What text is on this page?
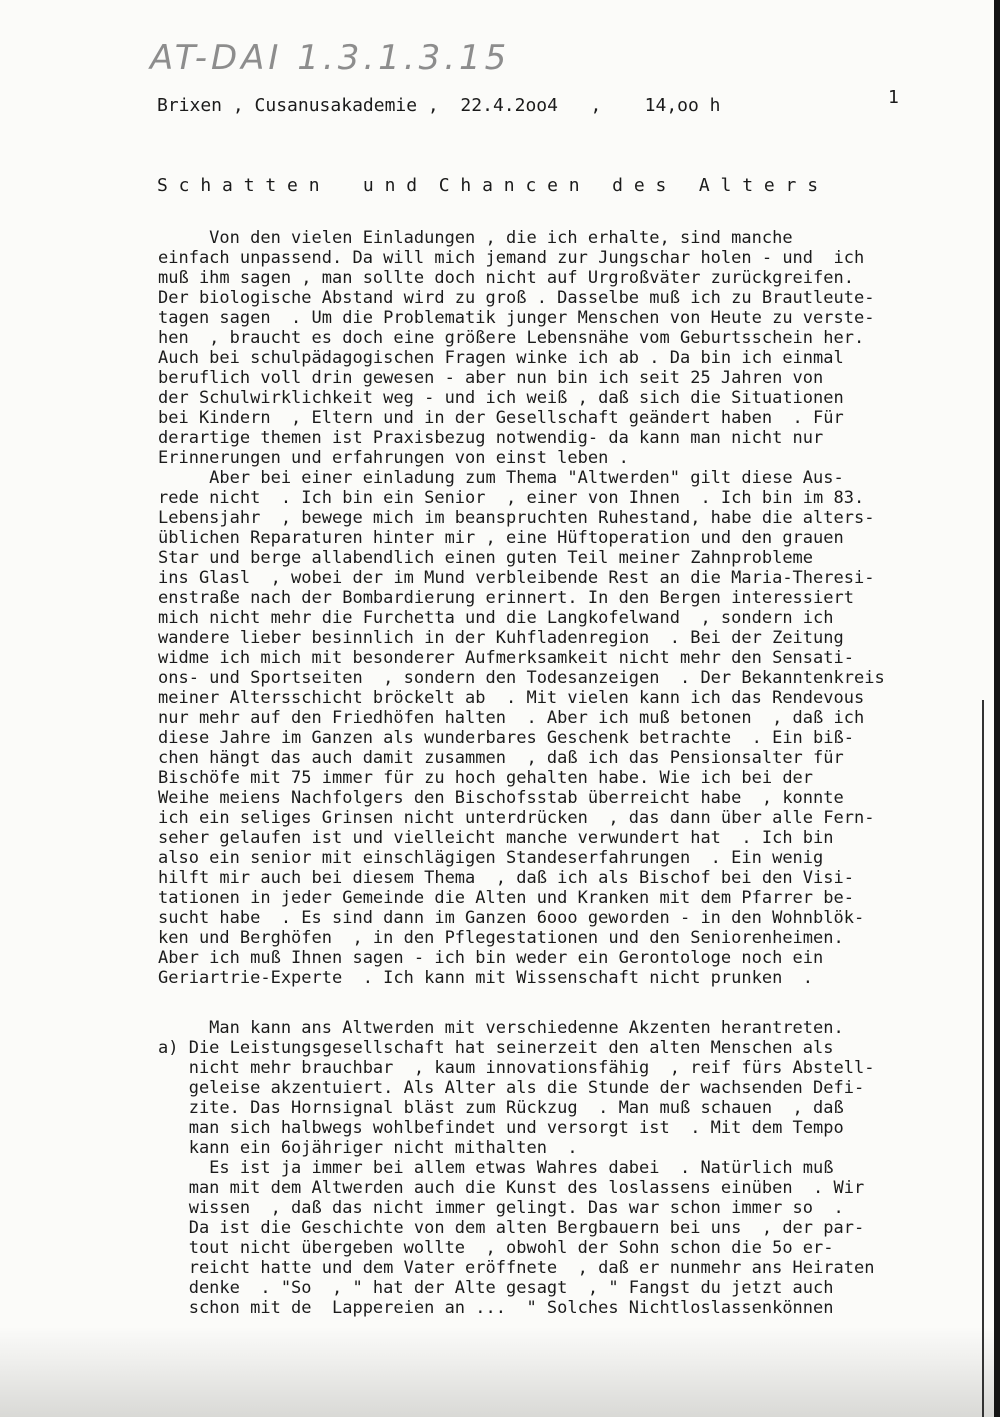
AT-DAI 1.3.1.3.15
Brixen , Cusanusakademie ,  22.4.2oo4   ,    14,oo h	1
S c h a t t e n    u n d  C h a n c e n   d e s   A l t e r s
Von den vielen Einladungen , die ich erhalte, sind manche
einfach unpassend. Da will mich jemand zur Jungschar holen - und  ich
muß ihm sagen , man sollte doch nicht auf Urgroßväter zurückgreifen.
Der biologische Abstand wird zu groß . Dasselbe muß ich zu Brautleute-
tagen sagen  . Um die Problematik junger Menschen von Heute zu verste-
hen  , braucht es doch eine größere Lebensnähe vom Geburtsschein her.
Auch bei schulpädagogischen Fragen winke ich ab . Da bin ich einmal
beruflich voll drin gewesen - aber nun bin ich seit 25 Jahren von
der Schulwirklichkeit weg - und ich weiß , daß sich die Situationen
bei Kindern  , Eltern und in der Gesellschaft geändert haben  . Für
derartige themen ist Praxisbezug notwendig- da kann man nicht nur
Erinnerungen und erfahrungen von einst leben .
Aber bei einer einladung zum Thema "Altwerden" gilt diese Aus-
rede nicht  . Ich bin ein Senior  , einer von Ihnen  . Ich bin im 83.
Lebensjahr  , bewege mich im beanspruchten Ruhestand, habe die alters-
üblichen Reparaturen hinter mir , eine Hüftoperation und den grauen
Star und berge allabendlich einen guten Teil meiner Zahnprobleme
ins Glasl  , wobei der im Mund verbleibende Rest an die Maria-Theresi-
enstraße nach der Bombardierung erinnert. In den Bergen interessiert
mich nicht mehr die Furchetta und die Langkofelwand  , sondern ich
wandere lieber besinnlich in der Kuhfladenregion  . Bei der Zeitung
widme ich mich mit besonderer Aufmerksamkeit nicht mehr den Sensati-
ons- und Sportseiten  , sondern den Todesanzeigen  . Der Bekanntenkreis
meiner Altersschicht bröckelt ab  . Mit vielen kann ich das Rendevous
nur mehr auf den Friedhöfen halten  . Aber ich muß betonen  , daß ich
diese Jahre im Ganzen als wunderbares Geschenk betrachte  . Ein biß-
chen hängt das auch damit zusammen  , daß ich das Pensionsalter für
Bischöfe mit 75 immer für zu hoch gehalten habe. Wie ich bei der
Weihe meiens Nachfolgers den Bischofsstab überreicht habe  , konnte
ich ein seliges Grinsen nicht unterdrücken  , das dann über alle Fern-
seher gelaufen ist und vielleicht manche verwundert hat  . Ich bin
also ein senior mit einschlägigen Standeserfahrungen  . Ein wenig
hilft mir auch bei diesem Thema  , daß ich als Bischof bei den Visi-
tationen in jeder Gemeinde die Alten und Kranken mit dem Pfarrer be-
sucht habe  . Es sind dann im Ganzen 6ooo geworden - in den Wohnblök-
ken und Berghöfen  , in den Pflegestationen und den Seniorenheimen.
Aber ich muß Ihnen sagen - ich bin weder ein Gerontologe noch ein
Geriartrie-Experte  . Ich kann mit Wissenschaft nicht prunken  .
Man kann ans Altwerden mit verschiedenne Akzenten herantreten.
a) Die Leistungsgesellschaft hat seinerzeit den alten Menschen als
nicht mehr brauchbar  , kaum innovationsfähig  , reif fürs Abstell-
geleise akzentuiert. Als Alter als die Stunde der wachsenden Defi-
zite. Das Hornsignal bläst zum Rückzug  . Man muß schauen  , daß
man sich halbwegs wohlbefindet und versorgt ist  . Mit dem Tempo
kann ein 6ojähriger nicht mithalten  .
Es ist ja immer bei allem etwas Wahres dabei  . Natürlich muß
man mit dem Altwerden auch die Kunst des loslassens einüben  . Wir
wissen  , daß das nicht immer gelingt. Das war schon immer so  .
Da ist die Geschichte von dem alten Bergbauern bei uns  , der par-
tout nicht übergeben wollte  , obwohl der Sohn schon die 5o er-
reicht hatte und dem Vater eröffnete  , daß er nunmehr ans Heiraten
denke  . "So  , " hat der Alte gesagt  , " Fangst du jetzt auch
schon mit de  Lappereien an ...  " Solches Nichtloslassenkönnen
